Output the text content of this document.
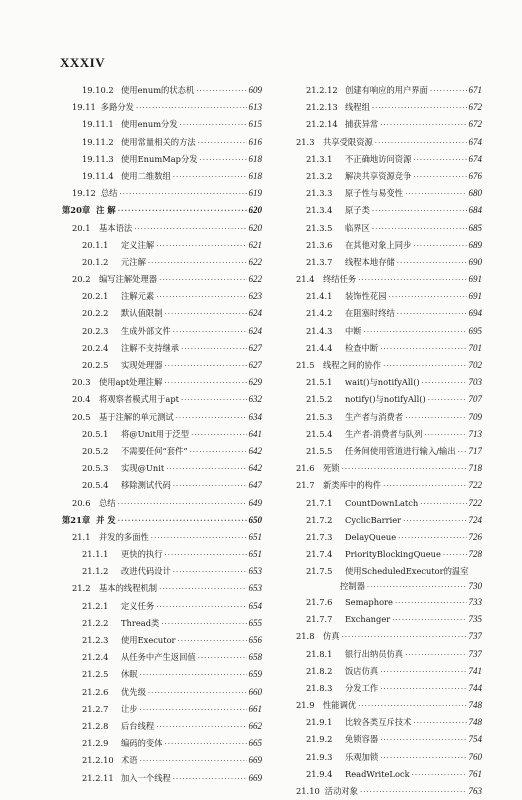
XXXIV
19.10.2 使用enum的状态机 ·····	609
19.11 多路分发 ·····	613
19.11.1 使用enum分发 ·····	615
19.11.2 使用常量相关的方法 ·····	616
19.11.3 使用EnumMap分发 ·····	618
19.11.4 使用二维数组 ·····	618
19.12 总结 ·····	619
第20章 注 解 ·····	620
20.1	基本语法 ·····	620
20.1.1	定义注解 ·····	621
20.1.2	元注解 ·····	622
20.2	编写注解处理器 ·····	622
20.2.1	注解元素 ·····	623
20.2.2	默认值限制 ·····	624
20.2.3	生成外部文件 ·····	624
20.2.4	注解不支持继承 ·····	627
20.2.5	实现处理器 ·····	627
20.3	使用apt处理注解 ·····	629
20.4	将观察者模式用于apt ·····	632
20.5	基于注解的单元测试 ·····	634
20.5.1	将@Unit用于泛型 ·····	641
20.5.2	不需要任何“套件” ·····	642
20.5.3	实现@Unit ·····	642
20.5.4	移除测试代码 ·····	647
20.6	总结 ·····	649
第21章 并 发 ·····	650
21.1	并发的多面性 ·····	651
21.1.1	更快的执行 ·····	651
21.1.2	改进代码设计 ·····	653
21.2	基本的线程机制 ·····	653
21.2.1	定义任务 ·····	654
21.2.2	Thread类 ·····	655
21.2.3	使用Executor ·····	656
21.2.4	从任务中产生返回值 ·····	658
21.2.5	休眠 ·····	659
21.2.6	优先级 ·····	660
21.2.7	让步 ·····	661
21.2.8	后台线程 ·····	662
21.2.9	编码的变体 ·····	665
21.2.10 术语 ·····	669
21.2.11 加入一个线程 ·····	669
21.2.12 创建有响应的用户界面 ·····	671
21.2.13 线程组 ·····	672
21.2.14 捕获异常 ·····	672
21.3	共享受限资源 ·····	674
21.3.1	不正确地访问资源 ·····	674
21.3.2	解决共享资源竞争 ·····	676
21.3.3	原子性与易变性 ·····	680
21.3.4	原子类 ·····	684
21.3.5	临界区 ·····	685
21.3.6	在其他对象上同步 ·····	689
21.3.7	线程本地存储 ·····	690
21.4	终结任务 ·····	691
21.4.1	装饰性花园 ·····	691
21.4.2	在阻塞时终结 ·····	694
21.4.3	中断 ·····	695
21.4.4	检查中断 ·····	701
21.5	线程之间的协作 ·····	702
21.5.1	wait()与notifyAll() ·····	703
21.5.2	notify()与notifyAll() ·····	707
21.5.3	生产者与消费者 ·····	709
21.5.4	生产者-消费者与队列 ·····	713
21.5.5	任务间使用管道进行输入/输出 ····· 717
21.6	死锁 ·····	718
21.7	新类库中的构件 ·····	722
21.7.1	CountDownLatch ·····	722
21.7.2	CyclicBarrier ·····	724
21.7.3	DelayQueue ·····	726
21.7.4	PriorityBlockingQueue ·····	728
21.7.5	使用ScheduledExecutor的温室
控制器 ·····	730
21.7.6	Semaphore ·····	733
21.7.7	Exchanger ·····	735
21.8	仿真 ·····	737
21.8.1	银行出纳员仿真 ·····	737
21.8.2	饭店仿真 ·····	741
21.8.3	分发工作 ·····	744
21.9	性能调优 ·····	748
21.9.1	比较各类互斥技术 ·····	748
21.9.2	免锁容器 ·····	754
21.9.3	乐观加锁 ·····	760
21.9.4	ReadWriteLock ·····	761
21.10 活动对象 ·····	763
